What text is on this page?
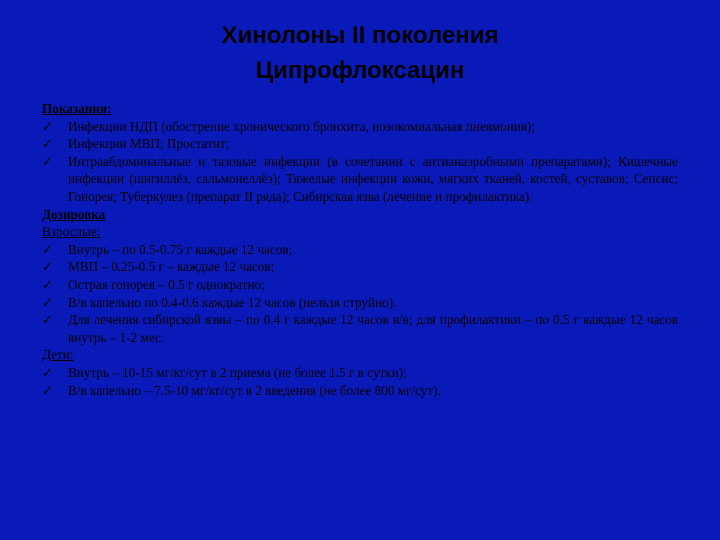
Хинолоны II поколения
Ципрофлоксацин
Показания:
✓	Инфекции НДП (обострение хронического бронхита, нозокомиальная пневмония);
✓	Инфекции МВП; Простатит;
✓	Интраабдоминальные и тазовые инфекции (в сочетании с антианаэробными препаратами); Кишечные инфекции (шигиллёз, сальмонеллёз); Тяжелые инфекции кожи, мягких тканей, костей, суставов; Сепсис; Гонорея; Туберкулез (препарат II ряда); Сибирская язва (лечение и профилактика).
Дозировка
Взрослые:
✓	Внутрь – по 0.5-0.75 г каждые 12 часов;
✓	МВП – 0.25-0.5 г – каждые 12 часов;
✓	Острая гонорея – 0.5 г однократно;
✓	В/в капельно по 0.4-0.6 каждые 12 часов (нельзя струйно).
✓	Для лечения сибирской язвы – по 0.4 г каждые 12 часов в/в; для профилактики – по 0.5 г каждые 12 часов внутрь – 1-2 мес.
Дети:
✓	Внутрь – 10-15 мг/кг/сут в 2 приема (не более 1.5 г в сутки);
✓	В/в капельно – 7.5-10 мг/кг/сут в 2 введения (не более 800 мг/сут).
